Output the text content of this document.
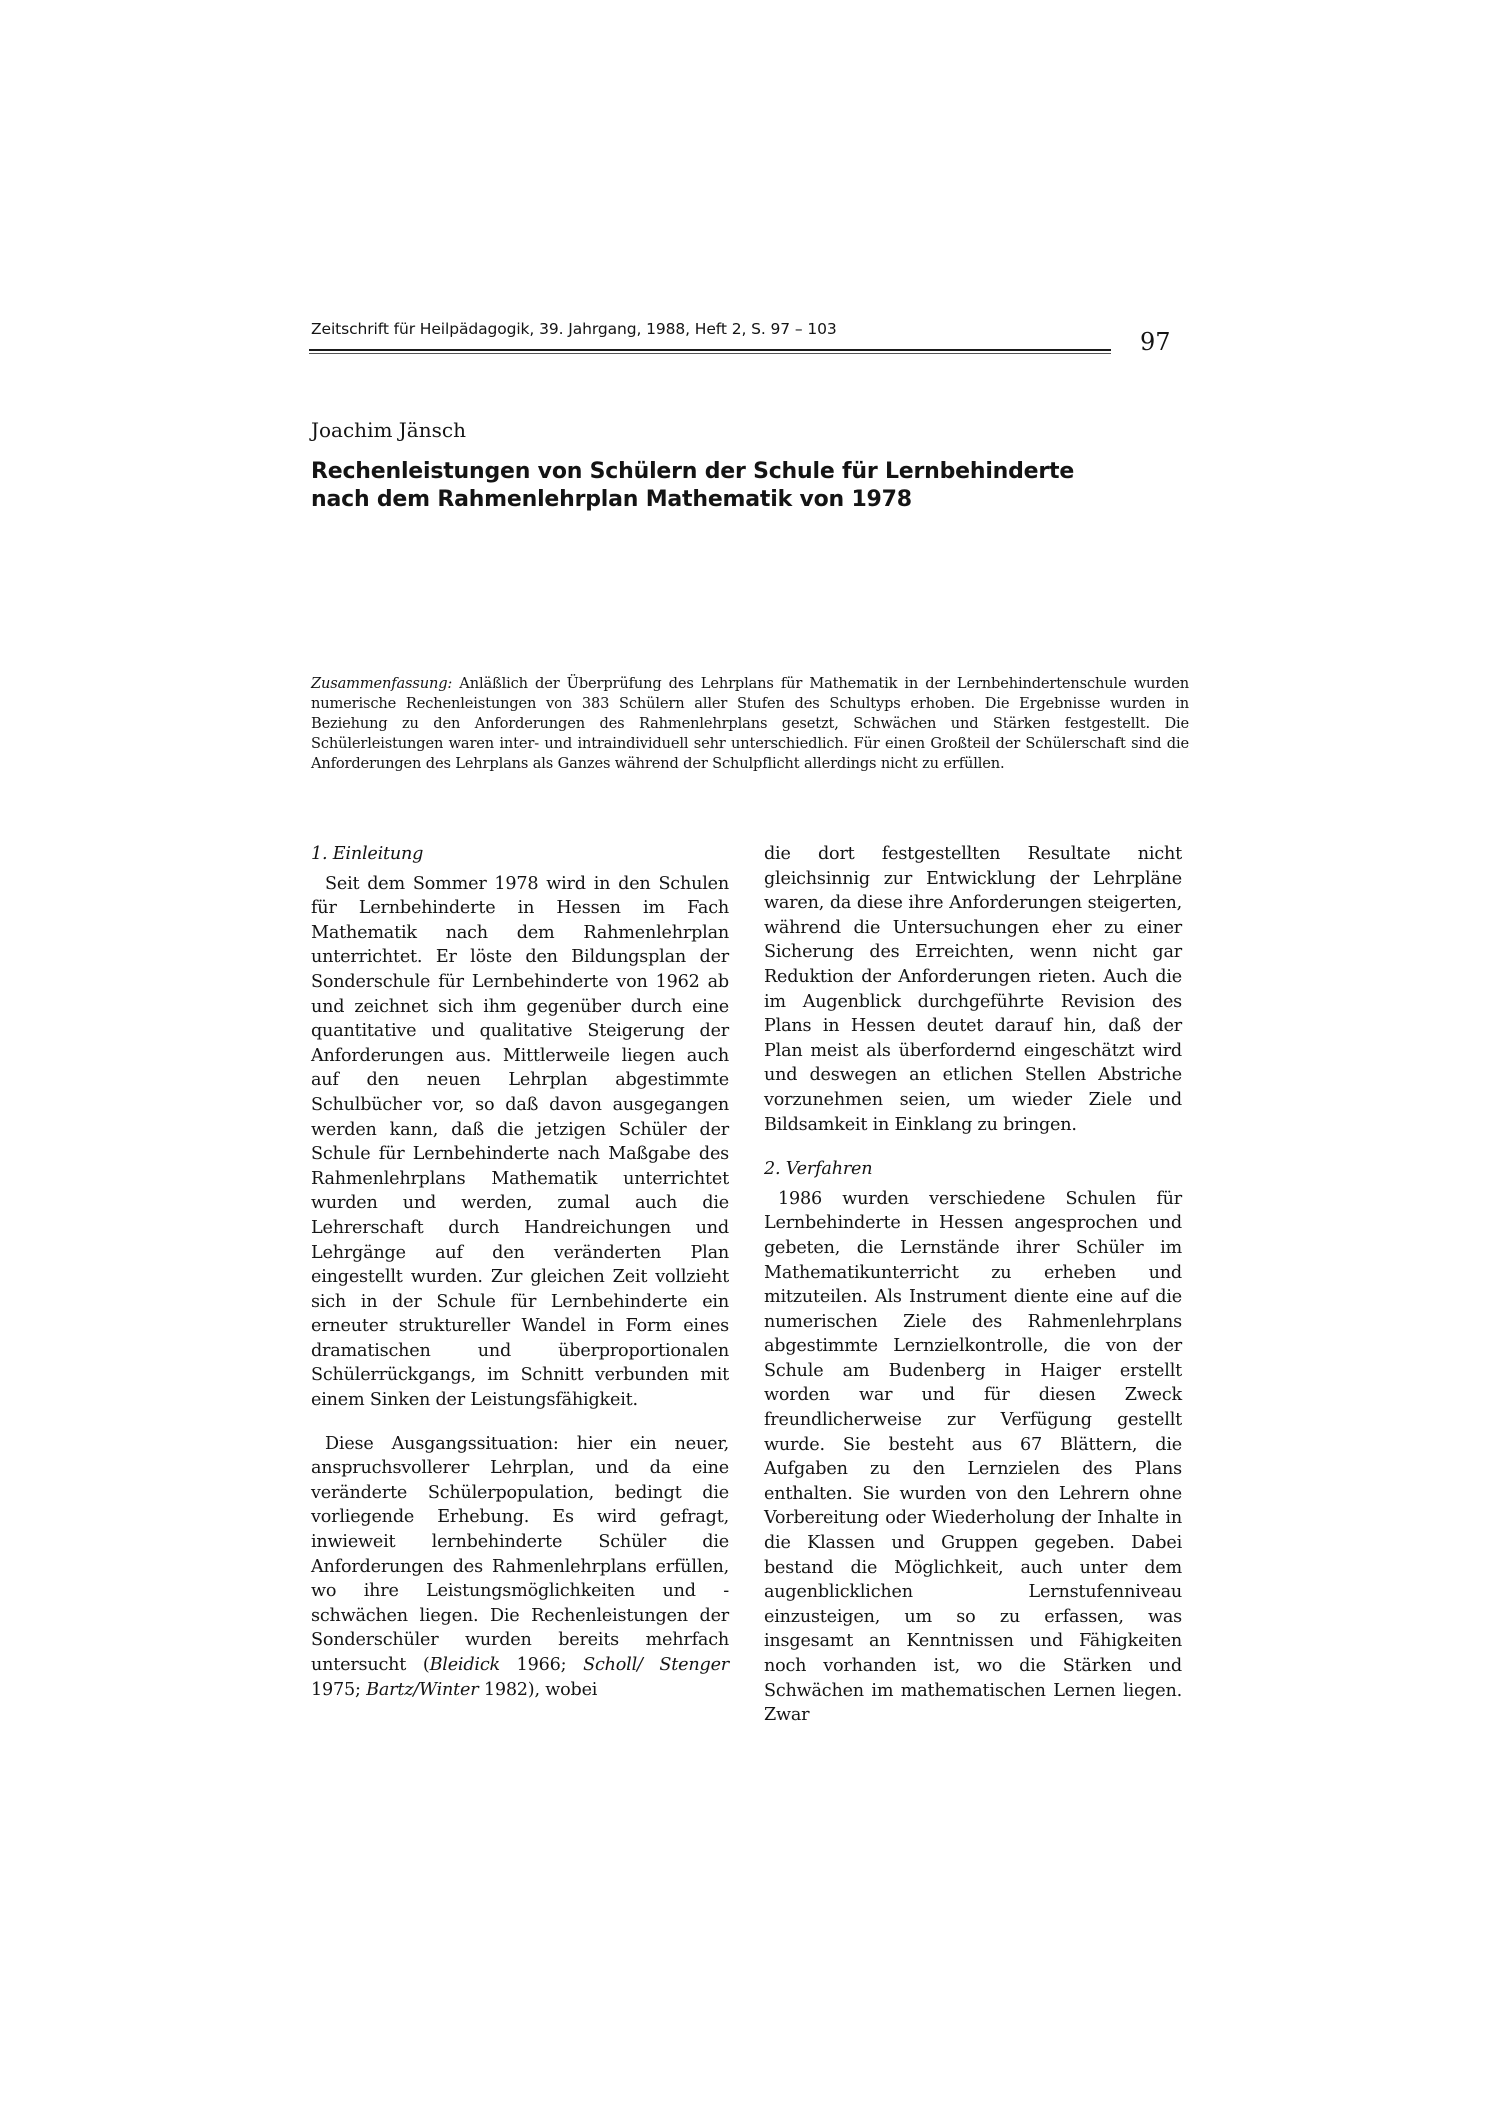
Zeitschrift für Heilpädagogik, 39. Jahrgang, 1988, Heft 2, S. 97 – 103	97
Joachim Jänsch
Rechenleistungen von Schülern der Schule für Lernbehinderte
nach dem Rahmenlehrplan Mathematik von 1978
Zusammenfassung: Anläßlich der Überprüfung des Lehrplans für Mathematik in der Lernbehindertenschule wurden numerische Rechenleistungen von 383 Schülern aller Stufen des Schultyps erhoben. Die Ergebnisse wurden in Beziehung zu den Anforderungen des Rahmenlehrplans gesetzt, Schwächen und Stärken festgestellt. Die Schülerleistungen waren inter- und intraindividuell sehr unterschiedlich. Für einen Großteil der Schülerschaft sind die Anforderungen des Lehrplans als Ganzes während der Schulpflicht allerdings nicht zu erfüllen.
1. Einleitung

Seit dem Sommer 1978 wird in den Schulen für Lernbehinderte in Hessen im Fach Mathematik nach dem Rahmenlehrplan unterrichtet. Er löste den Bildungsplan der Sonderschule für Lernbehinderte von 1962 ab und zeichnet sich ihm gegenüber durch eine quantitative und qualitative Steigerung der Anforderungen aus. Mittlerweile liegen auch auf den neuen Lehrplan abgestimmte Schulbücher vor, so daß davon ausgegangen werden kann, daß die jetzigen Schüler der Schule für Lernbehinderte nach Maßgabe des Rahmenlehrplans Mathematik unterrichtet wurden und werden, zumal auch die Lehrerschaft durch Handreichungen und Lehrgänge auf den veränderten Plan eingestellt wurden. Zur gleichen Zeit vollzieht sich in der Schule für Lernbehinderte ein erneuter struktureller Wandel in Form eines dramatischen und überproportionalen Schülerrückgangs, im Schnitt verbunden mit einem Sinken der Leistungsfähigkeit.

Diese Ausgangssituation: hier ein neuer, anspruchsvollerer Lehrplan, und da eine veränderte Schülerpopulation, bedingt die vorliegende Erhebung. Es wird gefragt, inwieweit lernbehinderte Schüler die Anforderungen des Rahmenlehrplans erfüllen, wo ihre Leistungsmöglichkeiten und -schwächen liegen. Die Rechenleistungen der Sonderschüler wurden bereits mehrfach untersucht (Bleidick 1966; Scholl/ Stenger 1975; Bartz/Winter 1982), wobei

die dort festgestellten Resultate nicht gleichsinnig zur Entwicklung der Lehrpläne waren, da diese ihre Anforderungen steigerten, während die Untersuchungen eher zu einer Sicherung des Erreichten, wenn nicht gar Reduktion der Anforderungen rieten. Auch die im Augenblick durchgeführte Revision des Plans in Hessen deutet darauf hin, daß der Plan meist als überfordernd eingeschätzt wird und deswegen an etlichen Stellen Abstriche vorzunehmen seien, um wieder Ziele und Bildsamkeit in Einklang zu bringen.

2. Verfahren

1986 wurden verschiedene Schulen für Lernbehinderte in Hessen angesprochen und gebeten, die Lernstände ihrer Schüler im Mathematikunterricht zu erheben und mitzuteilen. Als Instrument diente eine auf die numerischen Ziele des Rahmenlehrplans abgestimmte Lernzielkontrolle, die von der Schule am Budenberg in Haiger erstellt worden war und für diesen Zweck freundlicherweise zur Verfügung gestellt wurde. Sie besteht aus 67 Blättern, die Aufgaben zu den Lernzielen des Plans enthalten. Sie wurden von den Lehrern ohne Vorbereitung oder Wiederholung der Inhalte in die Klassen und Gruppen gegeben. Dabei bestand die Möglichkeit, auch unter dem augenblicklichen Lernstufenniveau einzusteigen, um so zu erfassen, was insgesamt an Kenntnissen und Fähigkeiten noch vorhanden ist, wo die Stärken und Schwächen im mathematischen Lernen liegen. Zwar
